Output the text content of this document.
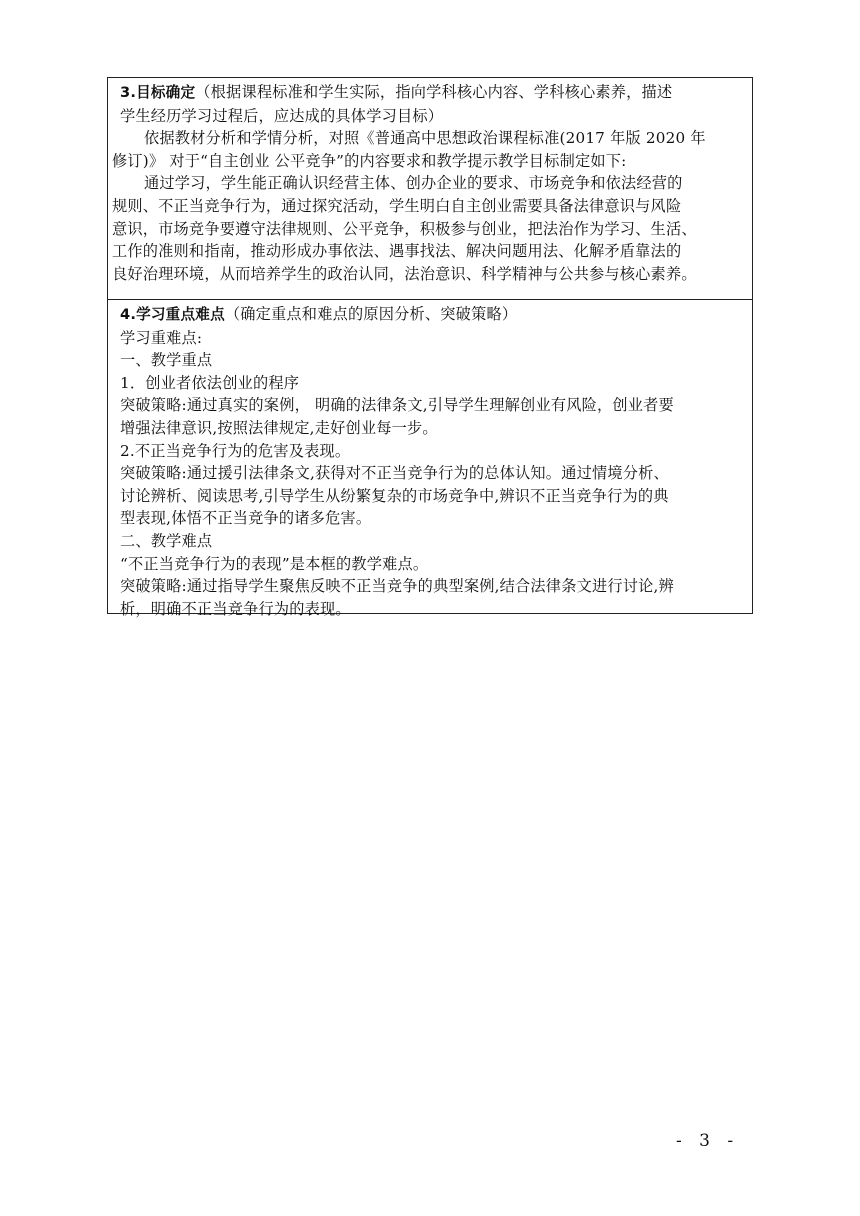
3.目标确定（根据课程标准和学生实际，指向学科核心内容、学科核心素养，描述
学生经历学习过程后，应达成的具体学习目标）
依据教材分析和学情分析，对照《普通高中思想政治课程标准(2017 年版 2020 年
修订)》 对于“自主创业 公平竞争”的内容要求和教学提示教学目标制定如下:
通过学习，学生能正确认识经营主体、创办企业的要求、市场竞争和依法经营的
规则、不正当竞争行为，通过探究活动，学生明白自主创业需要具备法律意识与风险
意识，市场竞争要遵守法律规则、公平竞争，积极参与创业，把法治作为学习、生活、
工作的准则和指南，推动形成办事依法、遇事找法、解决问题用法、化解矛盾靠法的
良好治理环境，从而培养学生的政治认同，法治意识、科学精神与公共参与核心素养。
4.学习重点难点（确定重点和难点的原因分析、突破策略）
学习重难点:
一、教学重点
1．创业者依法创业的程序
突破策略:通过真实的案例， 明确的法律条文,引导学生理解创业有风险，创业者要
增强法律意识,按照法律规定,走好创业每一步。
2.不正当竞争行为的危害及表现。
突破策略:通过援引法律条文,获得对不正当竞争行为的总体认知。通过情境分析、
讨论辨析、阅读思考,引导学生从纷繁复杂的市场竞争中,辨识不正当竞争行为的典
型表现,体悟不正当竞争的诸多危害。
二、教学难点
“不正当竞争行为的表现”是本框的教学难点。
突破策略:通过指导学生聚焦反映不正当竞争的典型案例,结合法律条文进行讨论,辨
析，明确不正当竞争行为的表现。
- 3 -
